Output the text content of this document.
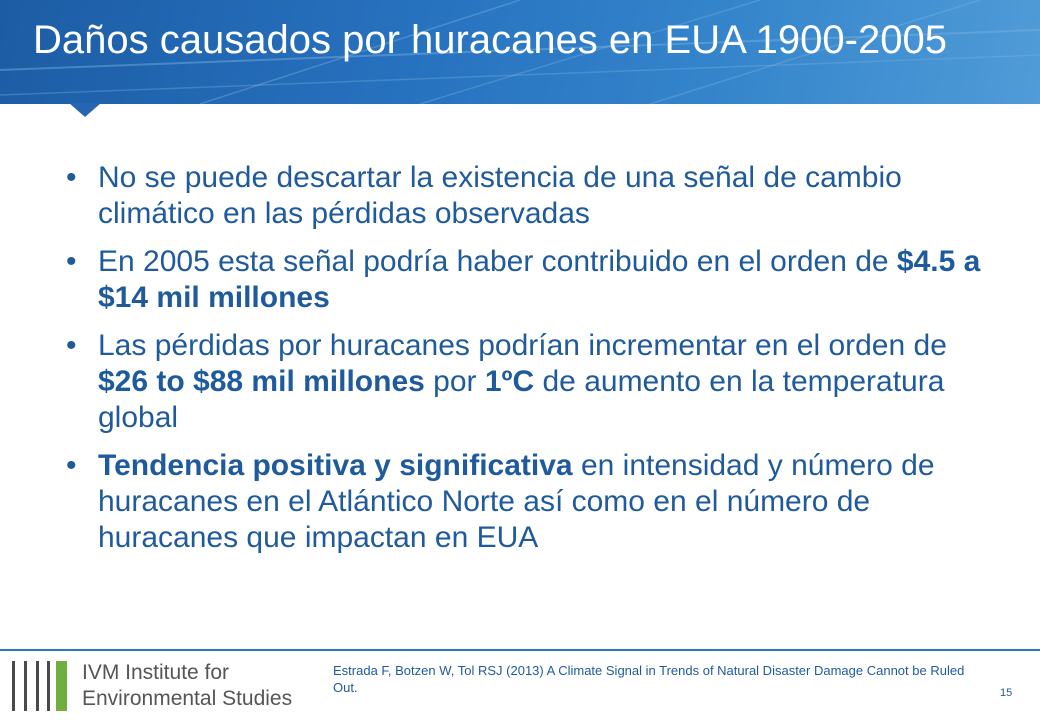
Daños causados por huracanes en EUA 1900-2005
• No se puede descartar la existencia de una señal de cambio climático en las pérdidas observadas
• En 2005 esta señal podría haber contribuido en el orden de $4.5 a $14 mil millones
• Las pérdidas por huracanes podrían incrementar en el orden de $26 to $88 mil millones por 1ºC de aumento en la temperatura global
• Tendencia positiva y significativa en intensidad y número de huracanes en el Atlántico Norte así como en el número de huracanes que impactan en EUA
IVM Institute for
Environmental Studies
Estrada F, Botzen W, Tol RSJ (2013) A Climate Signal in Trends of Natural Disaster Damage Cannot be Ruled Out.	15
